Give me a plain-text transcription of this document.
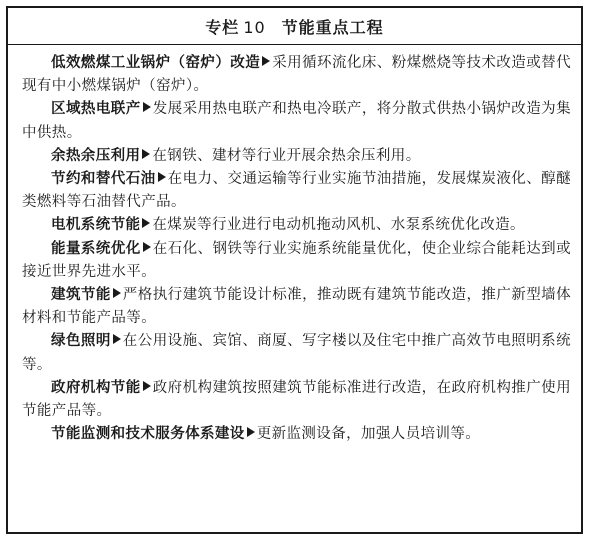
专栏 10 节能重点工程

低效燃煤工业锅炉（窑炉）改造 采用循环流化床、粉煤燃烧等技术改造或替代现有中小燃煤锅炉（窑炉）。

区域热电联产 发展采用热电联产和热电冷联产，将分散式供热小锅炉改造为集中供热。

余热余压利用 在钢铁、建材等行业开展余热余压利用。

节约和替代石油 在电力、交通运输等行业实施节油措施，发展煤炭液化、醇醚类燃料等石油替代产品。

电机系统节能 在煤炭等行业进行电动机拖动风机、水泵系统优化改造。

能量系统优化 在石化、钢铁等行业实施系统能量优化，使企业综合能耗达到或接近世界先进水平。

建筑节能 严格执行建筑节能设计标准，推动既有建筑节能改造，推广新型墙体材料和节能产品等。

绿色照明 在公用设施、宾馆、商厦、写字楼以及住宅中推广高效节电照明系统等。

政府机构节能 政府机构建筑按照建筑节能标准进行改造，在政府机构推广使用节能产品等。

节能监测和技术服务体系建设 更新监测设备，加强人员培训等。
